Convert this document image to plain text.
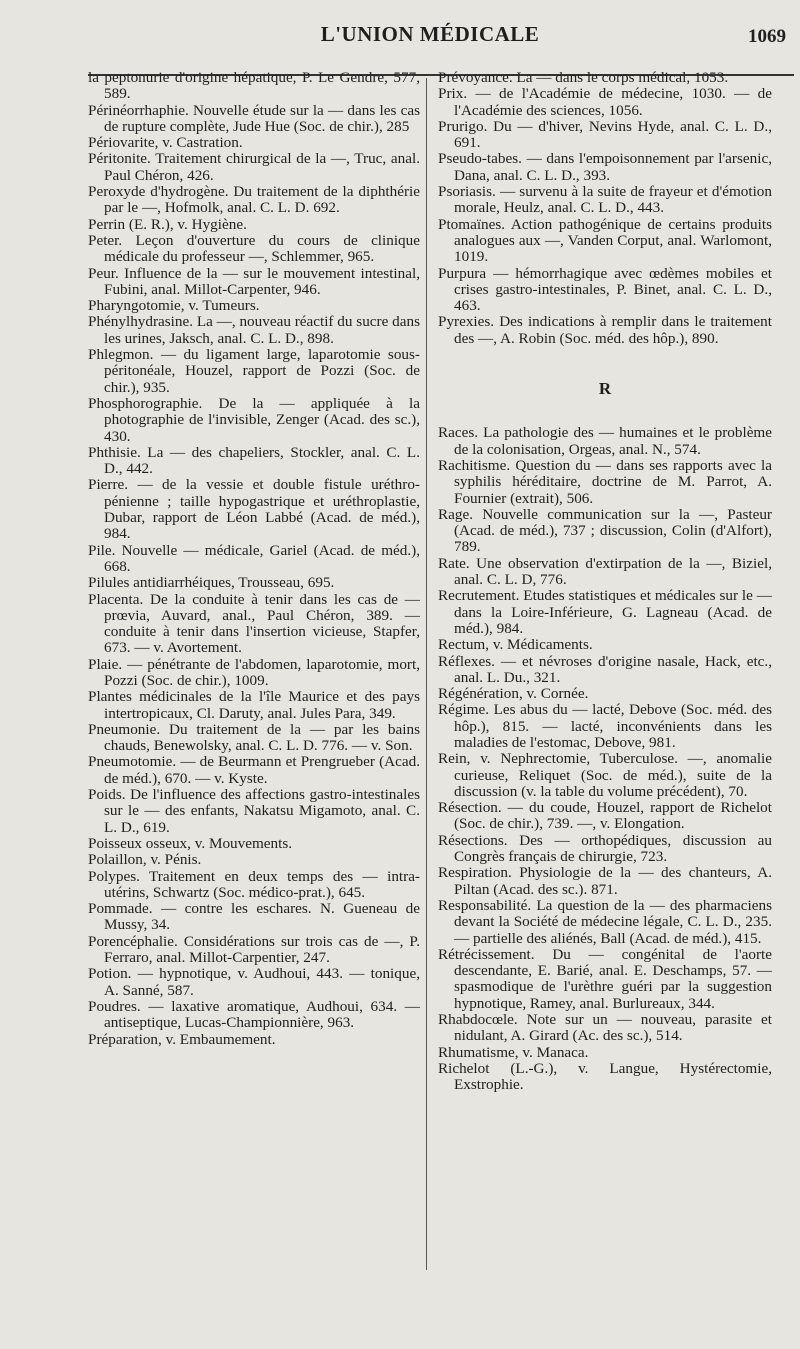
L'UNION MÉDICALE	1069

la peptonurie d'origine hépatique, P. Le Gendre, 577, 589.

Périnéorrhaphie. Nouvelle étude sur la — dans les cas de rupture complète, Jude Hue (Soc. de chir.), 285

Périovarite, v. Castration.

Péritonite. Traitement chirurgical de la —, Truc, anal. Paul Chéron, 426.

Peroxyde d'hydrogène. Du traitement de la diphthérie par le —, Hofmolk, anal. C. L. D. 692.

Perrin (E. R.), v. Hygiène.

Peter. Leçon d'ouverture du cours de clinique médicale du professeur —, Schlemmer, 965.

Peur. Influence de la — sur le mouvement intestinal, Fubini, anal. Millot-Carpenter, 946.

Pharyngotomie, v. Tumeurs.

Phénylhydrasine. La —, nouveau réactif du sucre dans les urines, Jaksch, anal. C. L. D., 898.

Phlegmon. — du ligament large, laparotomie sous-péritonéale, Houzel, rapport de Pozzi (Soc. de chir.), 935.

Phosphorographie. De la — appliquée à la photographie de l'invisible, Zenger (Acad. des sc.), 430.

Phthisie. La — des chapeliers, Stockler, anal. C. L. D., 442.

Pierre. — de la vessie et double fistule uréthro-pénienne ; taille hypogastrique et uréthroplastie, Dubar, rapport de Léon Labbé (Acad. de méd.), 984.

Pile. Nouvelle — médicale, Gariel (Acad. de méd.), 668.

Pilules antidiarrhéiques, Trousseau, 695.

Placenta. De la conduite à tenir dans les cas de — prœvia, Auvard, anal., Paul Chéron, 389. — conduite à tenir dans l'insertion vicieuse, Stapfer, 673. — v. Avortement.

Plaie. — pénétrante de l'abdomen, laparotomie, mort, Pozzi (Soc. de chir.), 1009.

Plantes médicinales de la l'île Maurice et des pays intertropicaux, Cl. Daruty, anal. Jules Para, 349.

Pneumonie. Du traitement de la — par les bains chauds, Benewolsky, anal. C. L. D. 776. — v. Son.

Pneumotomie. — de Beurmann et Prengrueber (Acad. de méd.), 670. — v. Kyste.

Poids. De l'influence des affections gastro-intestinales sur le — des enfants, Nakatsu Migamoto, anal. C. L. D., 619.

Poisseux osseux, v. Mouvements.

Polaillon, v. Pénis.

Polypes. Traitement en deux temps des — intra-utérins, Schwartz (Soc. médico-prat.), 645.

Pommade. — contre les eschares. N. Gueneau de Mussy, 34.

Porencéphalie. Considérations sur trois cas de —, P. Ferraro, anal. Millot-Carpentier, 247.

Potion. — hypnotique, v. Audhoui, 443. — tonique, A. Sanné, 587.

Poudres. — laxative aromatique, Audhoui, 634. — antiseptique, Lucas-Championnière, 963.

Préparation, v. Embaumement.

Prévoyance. La — dans le corps médical, 1053.

Prix. — de l'Académie de médecine, 1030. — de l'Académie des sciences, 1056.

Prurigo. Du — d'hiver, Nevins Hyde, anal. C. L. D., 691.

Pseudo-tabes. — dans l'empoisonnement par l'arsenic, Dana, anal. C. L. D., 393.

Psoriasis. — survenu à la suite de frayeur et d'émotion morale, Heulz, anal. C. L. D., 443.

Ptomaïnes. Action pathogénique de certains produits analogues aux —, Vanden Corput, anal. Warlomont, 1019.

Purpura — hémorrhagique avec œdèmes mobiles et crises gastro-intestinales, P. Binet, anal. C. L. D., 463.

Pyrexies. Des indications à remplir dans le traitement des —, A. Robin (Soc. méd. des hôp.), 890.

R

Races. La pathologie des — humaines et le problème de la colonisation, Orgeas, anal. N., 574.

Rachitisme. Question du — dans ses rapports avec la syphilis héréditaire, doctrine de M. Parrot, A. Fournier (extrait), 506.

Rage. Nouvelle communication sur la —, Pasteur (Acad. de méd.), 737 ; discussion, Colin (d'Alfort), 789.

Rate. Une observation d'extirpation de la —, Biziel, anal. C. L. D, 776.

Recrutement. Etudes statistiques et médicales sur le — dans la Loire-Inférieure, G. Lagneau (Acad. de méd.), 984.

Rectum, v. Médicaments.

Réflexes. — et névroses d'origine nasale, Hack, etc., anal. L. Du., 321.

Régénération, v. Cornée.

Régime. Les abus du — lacté, Debove (Soc. méd. des hôp.), 815. — lacté, inconvénients dans les maladies de l'estomac, Debove, 981.

Rein, v. Nephrectomie, Tuberculose. —, anomalie curieuse, Reliquet (Soc. de méd.), suite de la discussion (v. la table du volume précédent), 70.

Résection. — du coude, Houzel, rapport de Richelot (Soc. de chir.), 739. —, v. Elongation.

Résections. Des — orthopédiques, discussion au Congrès français de chirurgie, 723.

Respiration. Physiologie de la — des chanteurs, A. Piltan (Acad. des sc.). 871.

Responsabilité. La question de la — des pharmaciens devant la Société de médecine légale, C. L. D., 235. — partielle des aliénés, Ball (Acad. de méd.), 415.

Rétrécissement. Du — congénital de l'aorte descendante, E. Barié, anal. E. Deschamps, 57. — spasmodique de l'urèthre guéri par la suggestion hypnotique, Ramey, anal. Burlureaux, 344.

Rhabdocœle. Note sur un — nouveau, parasite et nidulant, A. Girard (Ac. des sc.), 514.

Rhumatisme, v. Manaca.

Richelot (L.-G.), v. Langue, Hystérectomie, Exstrophie.
